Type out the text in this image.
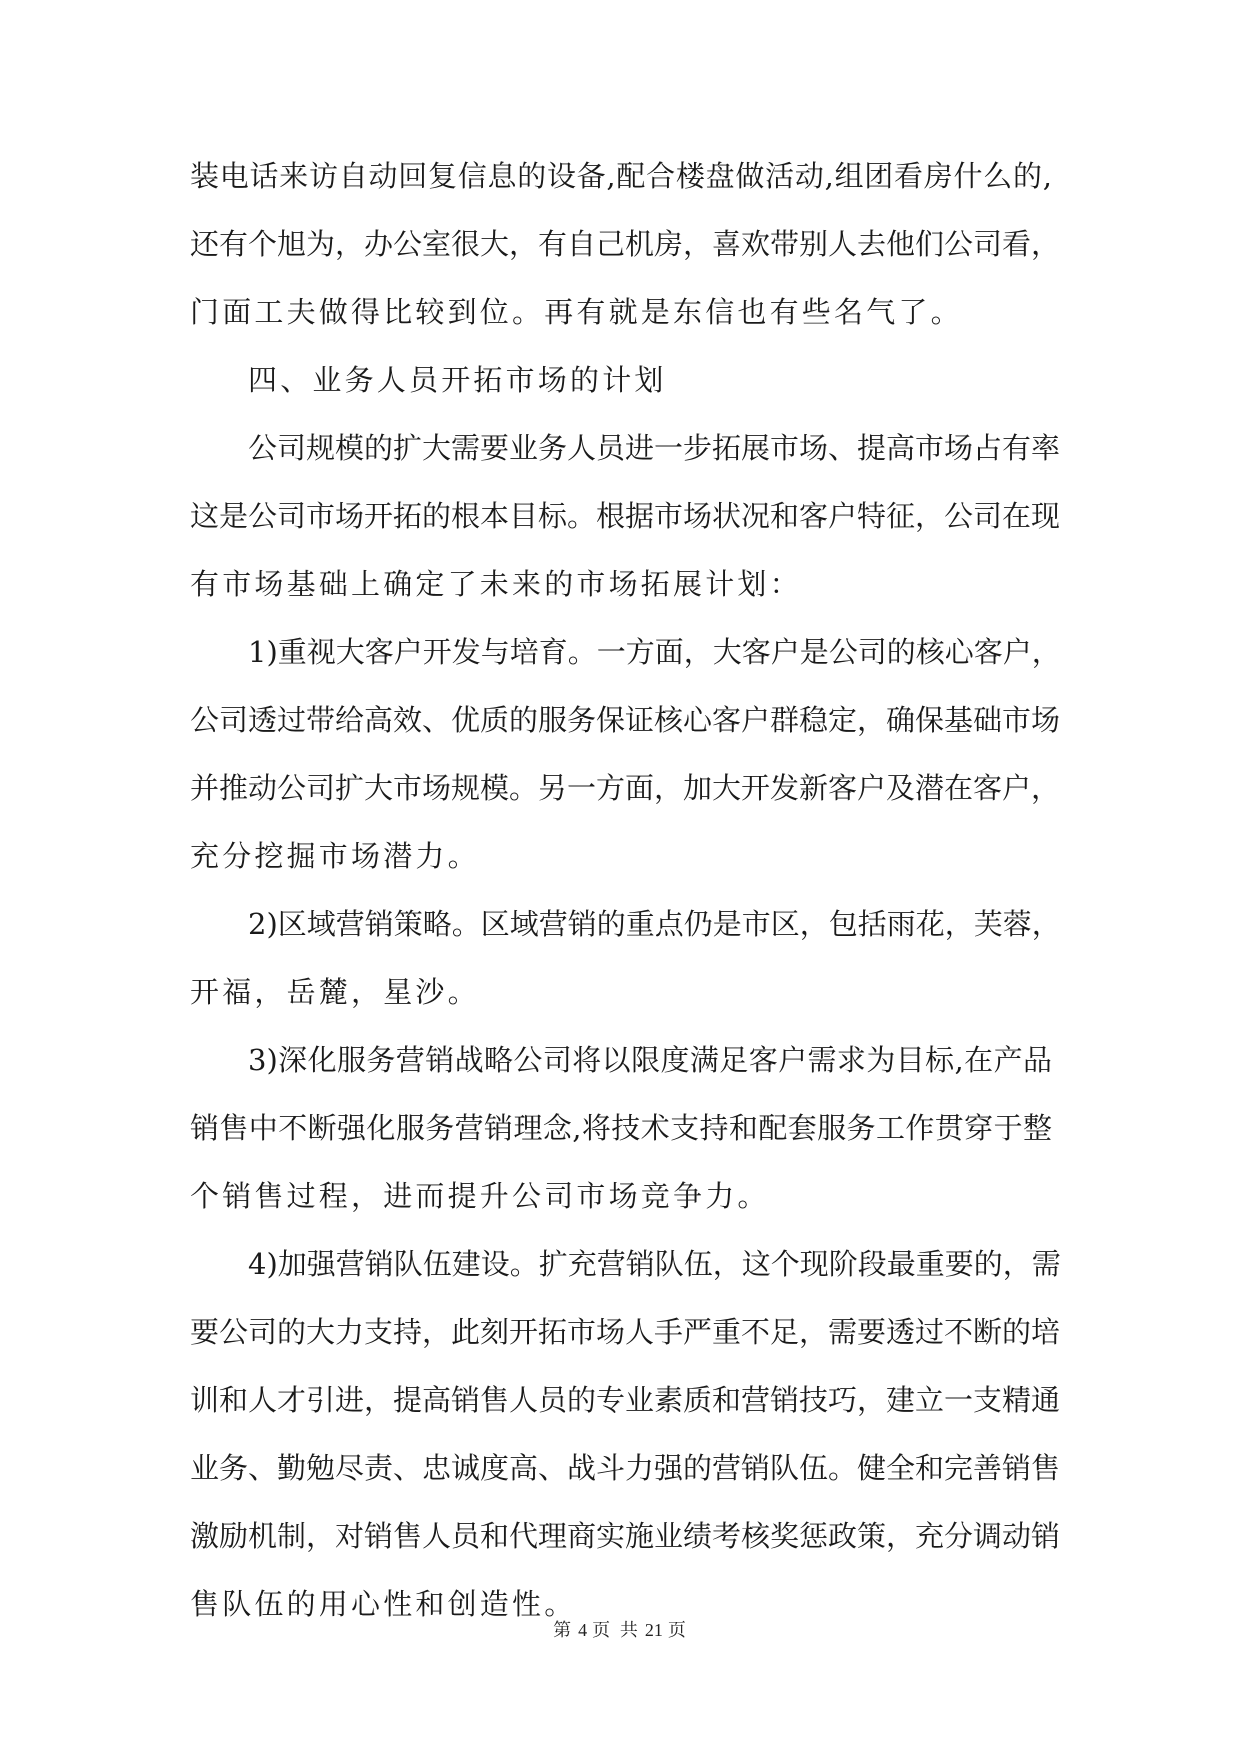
装电话来访自动回复信息的设备,配合楼盘做活动,组团看房什么的,
还有个旭为，办公室很大，有自己机房，喜欢带别人去他们公司看，
门面工夫做得比较到位。再有就是东信也有些名气了。
四、业务人员开拓市场的计划
公司规模的扩大需要业务人员进一步拓展市场、提高市场占有率
这是公司市场开拓的根本目标。根据市场状况和客户特征，公司在现
有市场基础上确定了未来的市场拓展计划：
1)重视大客户开发与培育。一方面，大客户是公司的核心客户，
公司透过带给高效、优质的服务保证核心客户群稳定，确保基础市场
并推动公司扩大市场规模。另一方面，加大开发新客户及潜在客户，
充分挖掘市场潜力。
2)区域营销策略。区域营销的重点仍是市区，包括雨花，芙蓉，
开福，岳麓，星沙。
3)深化服务营销战略公司将以限度满足客户需求为目标,在产品
销售中不断强化服务营销理念,将技术支持和配套服务工作贯穿于整
个销售过程，进而提升公司市场竞争力。
4)加强营销队伍建设。扩充营销队伍，这个现阶段最重要的，需
要公司的大力支持，此刻开拓市场人手严重不足，需要透过不断的培
训和人才引进，提高销售人员的专业素质和营销技巧，建立一支精通
业务、勤勉尽责、忠诚度高、战斗力强的营销队伍。健全和完善销售
激励机制，对销售人员和代理商实施业绩考核奖惩政策，充分调动销
售队伍的用心性和创造性。
第 4 页 共 21 页
